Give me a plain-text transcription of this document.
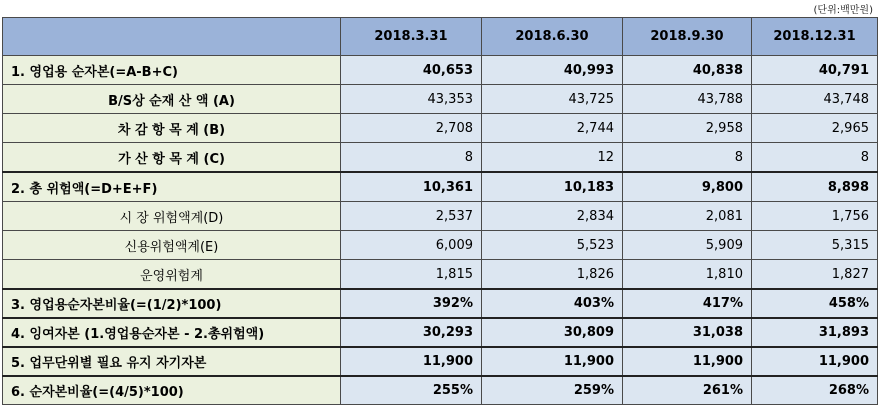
(단위:백만원)
	2018.3.31	2018.6.30	2018.9.30	2018.12.31
1. 영업용 순자본(=A-B+C)	40,653	40,993	40,838	40,791
B/S상 순재 산 액 (A)	43,353	43,725	43,788	43,748
차 감 항 목 계 (B)	2,708	2,744	2,958	2,965
가 산 항 목 계 (C)	8	12	8	8
2. 총 위험액(=D+E+F)	10,361	10,183	9,800	8,898
시 장 위험액계(D)	2,537	2,834	2,081	1,756
신용위험액계(E)	6,009	5,523	5,909	5,315
운영위험계	1,815	1,826	1,810	1,827
3. 영업용순자본비율(=(1/2)*100)	392%	403%	417%	458%
4. 잉여자본 (1.영업용순자본 - 2.총위험액)	30,293	30,809	31,038	31,893
5. 업무단위별 필요 유지 자기자본	11,900	11,900	11,900	11,900
6. 순자본비율(=(4/5)*100)	255%	259%	261%	268%
